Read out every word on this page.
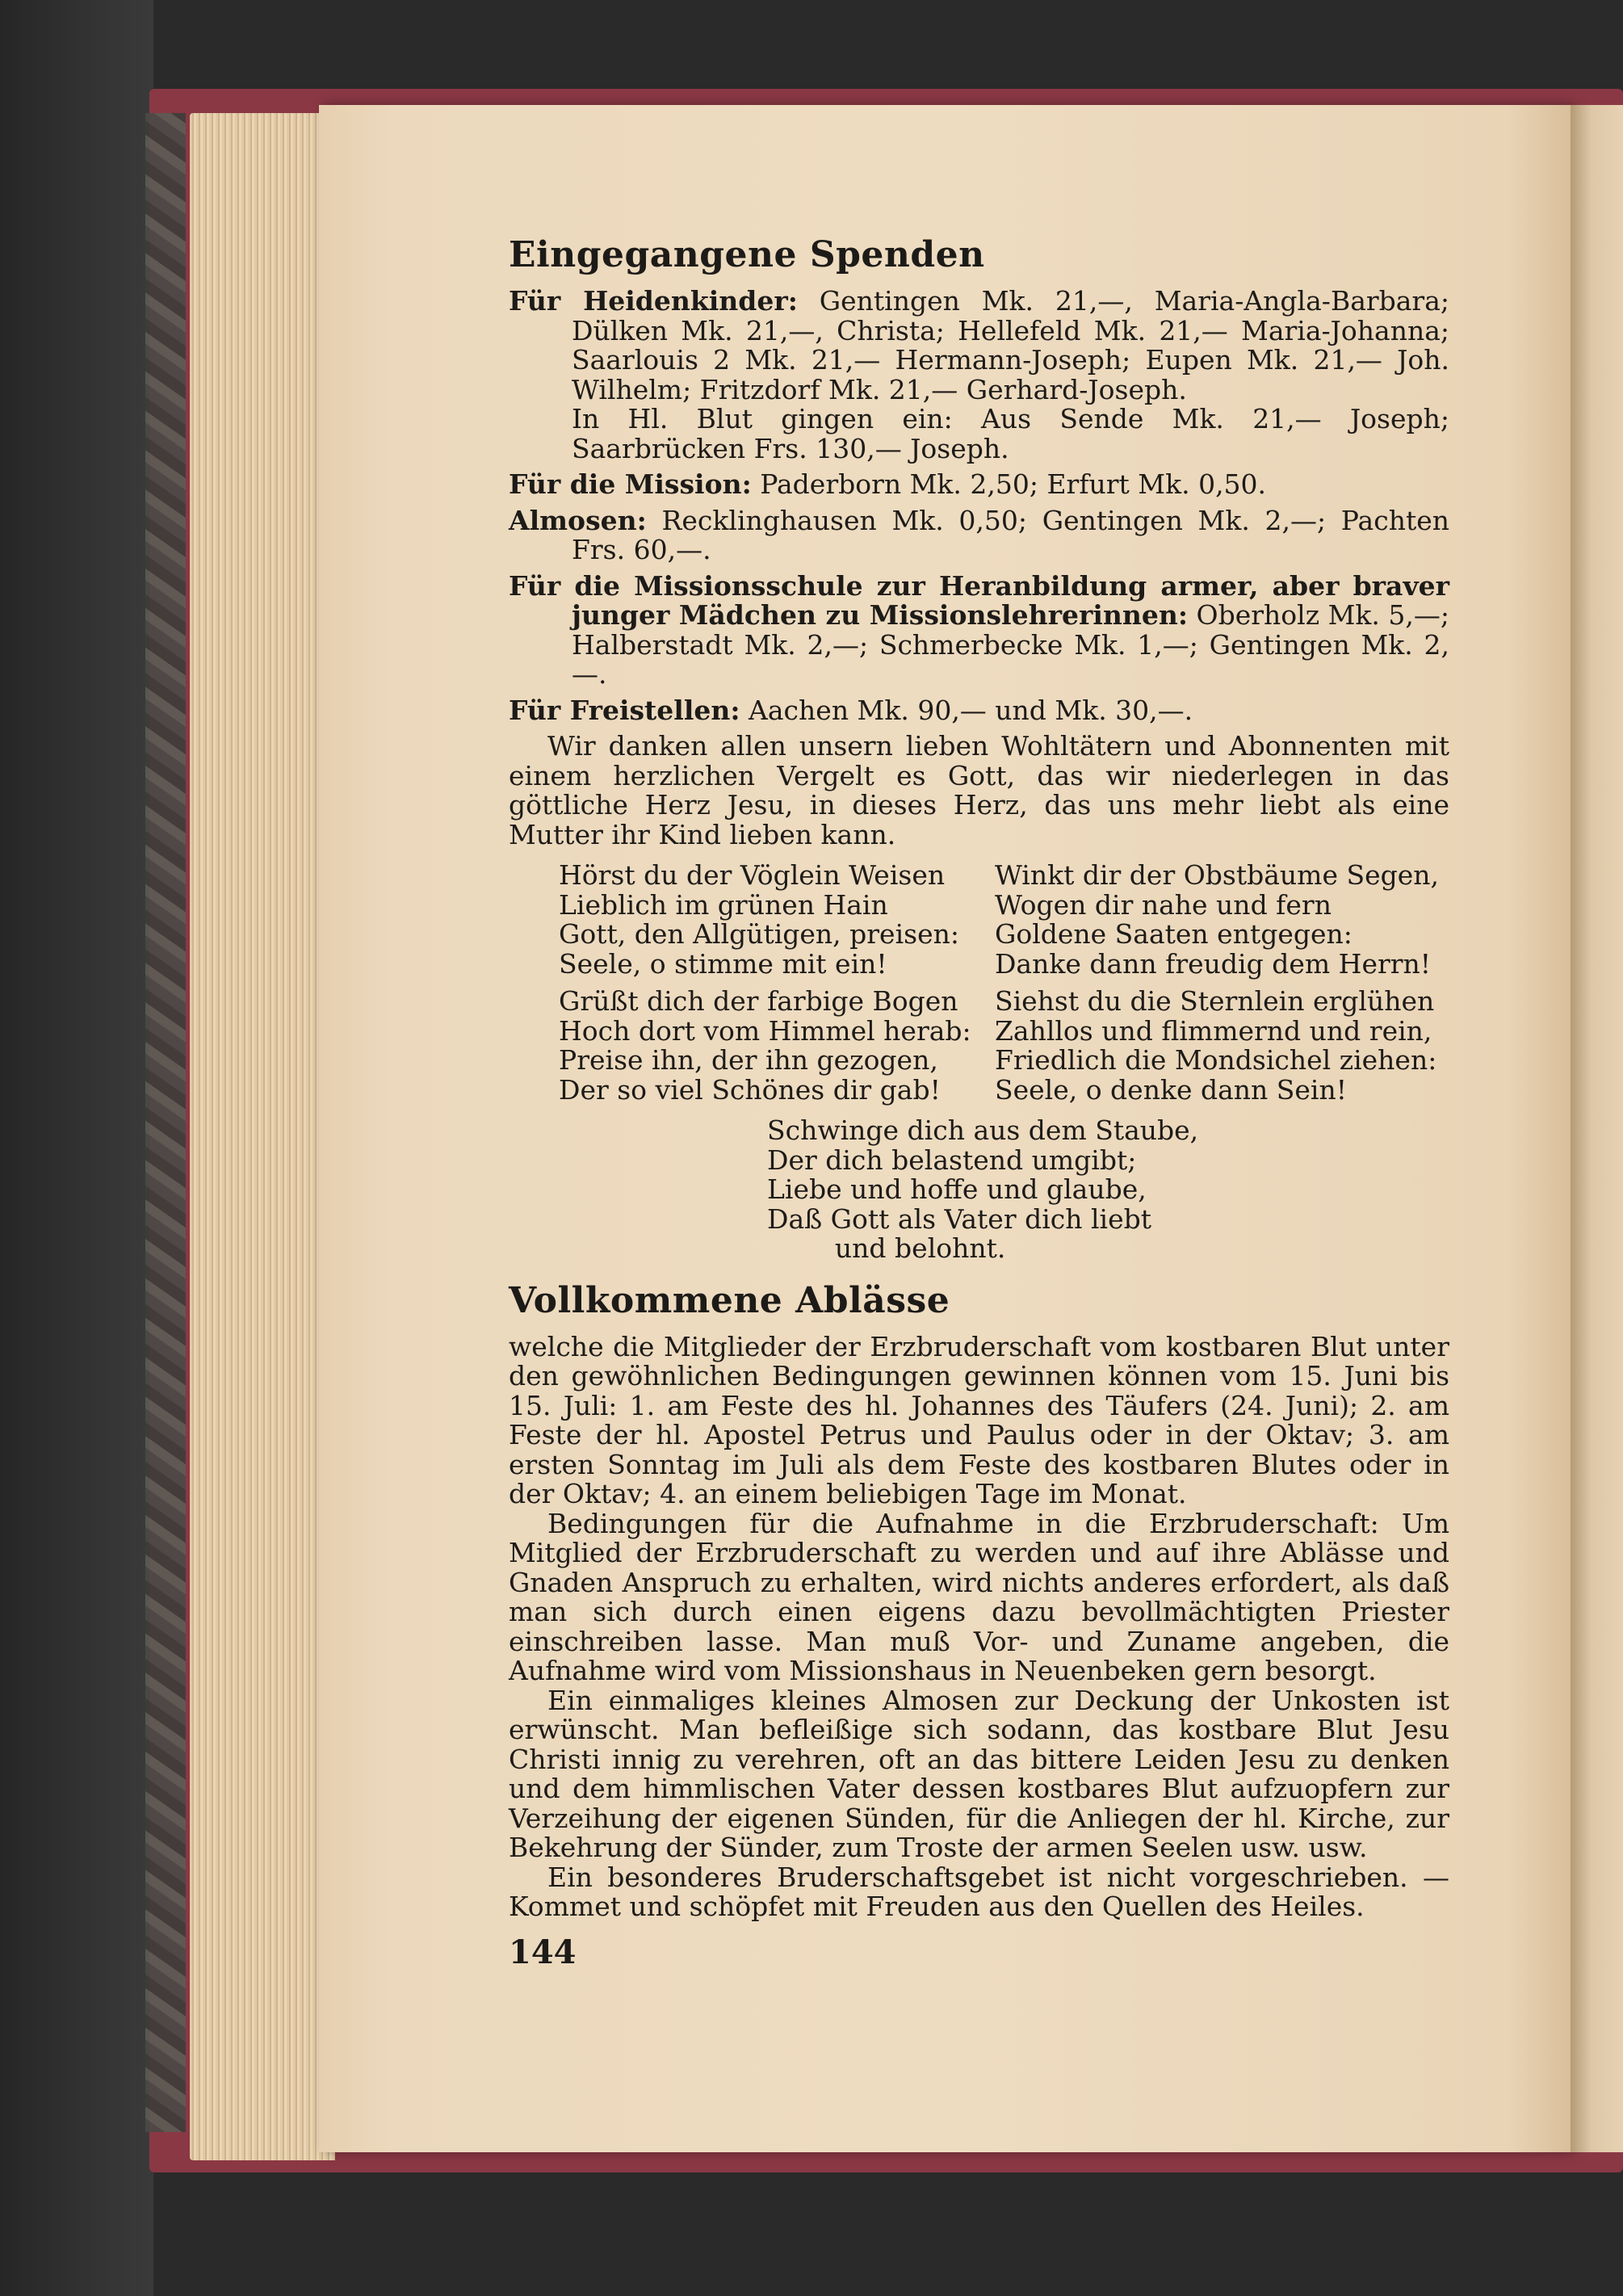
Eingegangene Spenden

Für Heidenkinder: Gentingen Mk. 21,—, Maria-Angla-Barbara; Dülken Mk. 21,—, Christa; Hellefeld Mk. 21,— Maria-Johanna; Saarlouis 2 Mk. 21,— Hermann-Joseph; Eupen Mk. 21,— Joh. Wilhelm; Fritzdorf Mk. 21,— Gerhard-Joseph.
In Hl. Blut gingen ein: Aus Sende Mk. 21,— Joseph; Saarbrücken Frs. 130,— Joseph.

Für die Mission: Paderborn Mk. 2,50; Erfurt Mk. 0,50.

Almosen: Recklinghausen Mk. 0,50; Gentingen Mk. 2,—; Pachten Frs. 60,—.

Für die Missionsschule zur Heranbildung armer, aber braver junger Mädchen zu Missionslehrerinnen: Oberholz Mk. 5,—; Halberstadt Mk. 2,—; Schmerbecke Mk. 1,—; Gentingen Mk. 2,—.

Für Freistellen: Aachen Mk. 90,— und Mk. 30,—.

Wir danken allen unsern lieben Wohltätern und Abonnenten mit einem herzlichen Vergelt es Gott, das wir niederlegen in das göttliche Herz Jesu, in dieses Herz, das uns mehr liebt als eine Mutter ihr Kind lieben kann.

Hörst du der Vöglein Weisen
Lieblich im grünen Hain
Gott, den Allgütigen, preisen:
Seele, o stimme mit ein!
Grüßt dich der farbige Bogen
Hoch dort vom Himmel herab:
Preise ihn, der ihn gezogen,
Der so viel Schönes dir gab!
Winkt dir der Obstbäume Segen,
Wogen dir nahe und fern
Goldene Saaten entgegen:
Danke dann freudig dem Herrn!
Siehst du die Sternlein erglühen
Zahllos und flimmernd und rein,
Friedlich die Mondsichel ziehen:
Seele, o denke dann Sein!
Schwinge dich aus dem Staube,
Der dich belastend umgibt;
Liebe und hoffe und glaube,
Daß Gott als Vater dich liebt
und belohnt.
Vollkommene Ablässe

welche die Mitglieder der Erzbruderschaft vom kostbaren Blut unter den gewöhnlichen Bedingungen gewinnen können vom 15. Juni bis 15. Juli: 1. am Feste des hl. Johannes des Täufers (24. Juni); 2. am Feste der hl. Apostel Petrus und Paulus oder in der Oktav; 3. am ersten Sonntag im Juli als dem Feste des kostbaren Blutes oder in der Oktav; 4. an einem beliebigen Tage im Monat.

Bedingungen für die Aufnahme in die Erzbruderschaft: Um Mitglied der Erzbruderschaft zu werden und auf ihre Ablässe und Gnaden Anspruch zu erhalten, wird nichts anderes erfordert, als daß man sich durch einen eigens dazu bevollmächtigten Priester einschreiben lasse. Man muß Vor- und Zuname angeben, die Aufnahme wird vom Missionshaus in Neuenbeken gern besorgt.

Ein einmaliges kleines Almosen zur Deckung der Unkosten ist erwünscht. Man befleißige sich sodann, das kostbare Blut Jesu Christi innig zu verehren, oft an das bittere Leiden Jesu zu denken und dem himmlischen Vater dessen kostbares Blut aufzuopfern zur Verzeihung der eigenen Sünden, für die Anliegen der hl. Kirche, zur Bekehrung der Sünder, zum Troste der armen Seelen usw. usw.

Ein besonderes Bruderschaftsgebet ist nicht vorgeschrieben. — Kommet und schöpfet mit Freuden aus den Quellen des Heiles.

144
